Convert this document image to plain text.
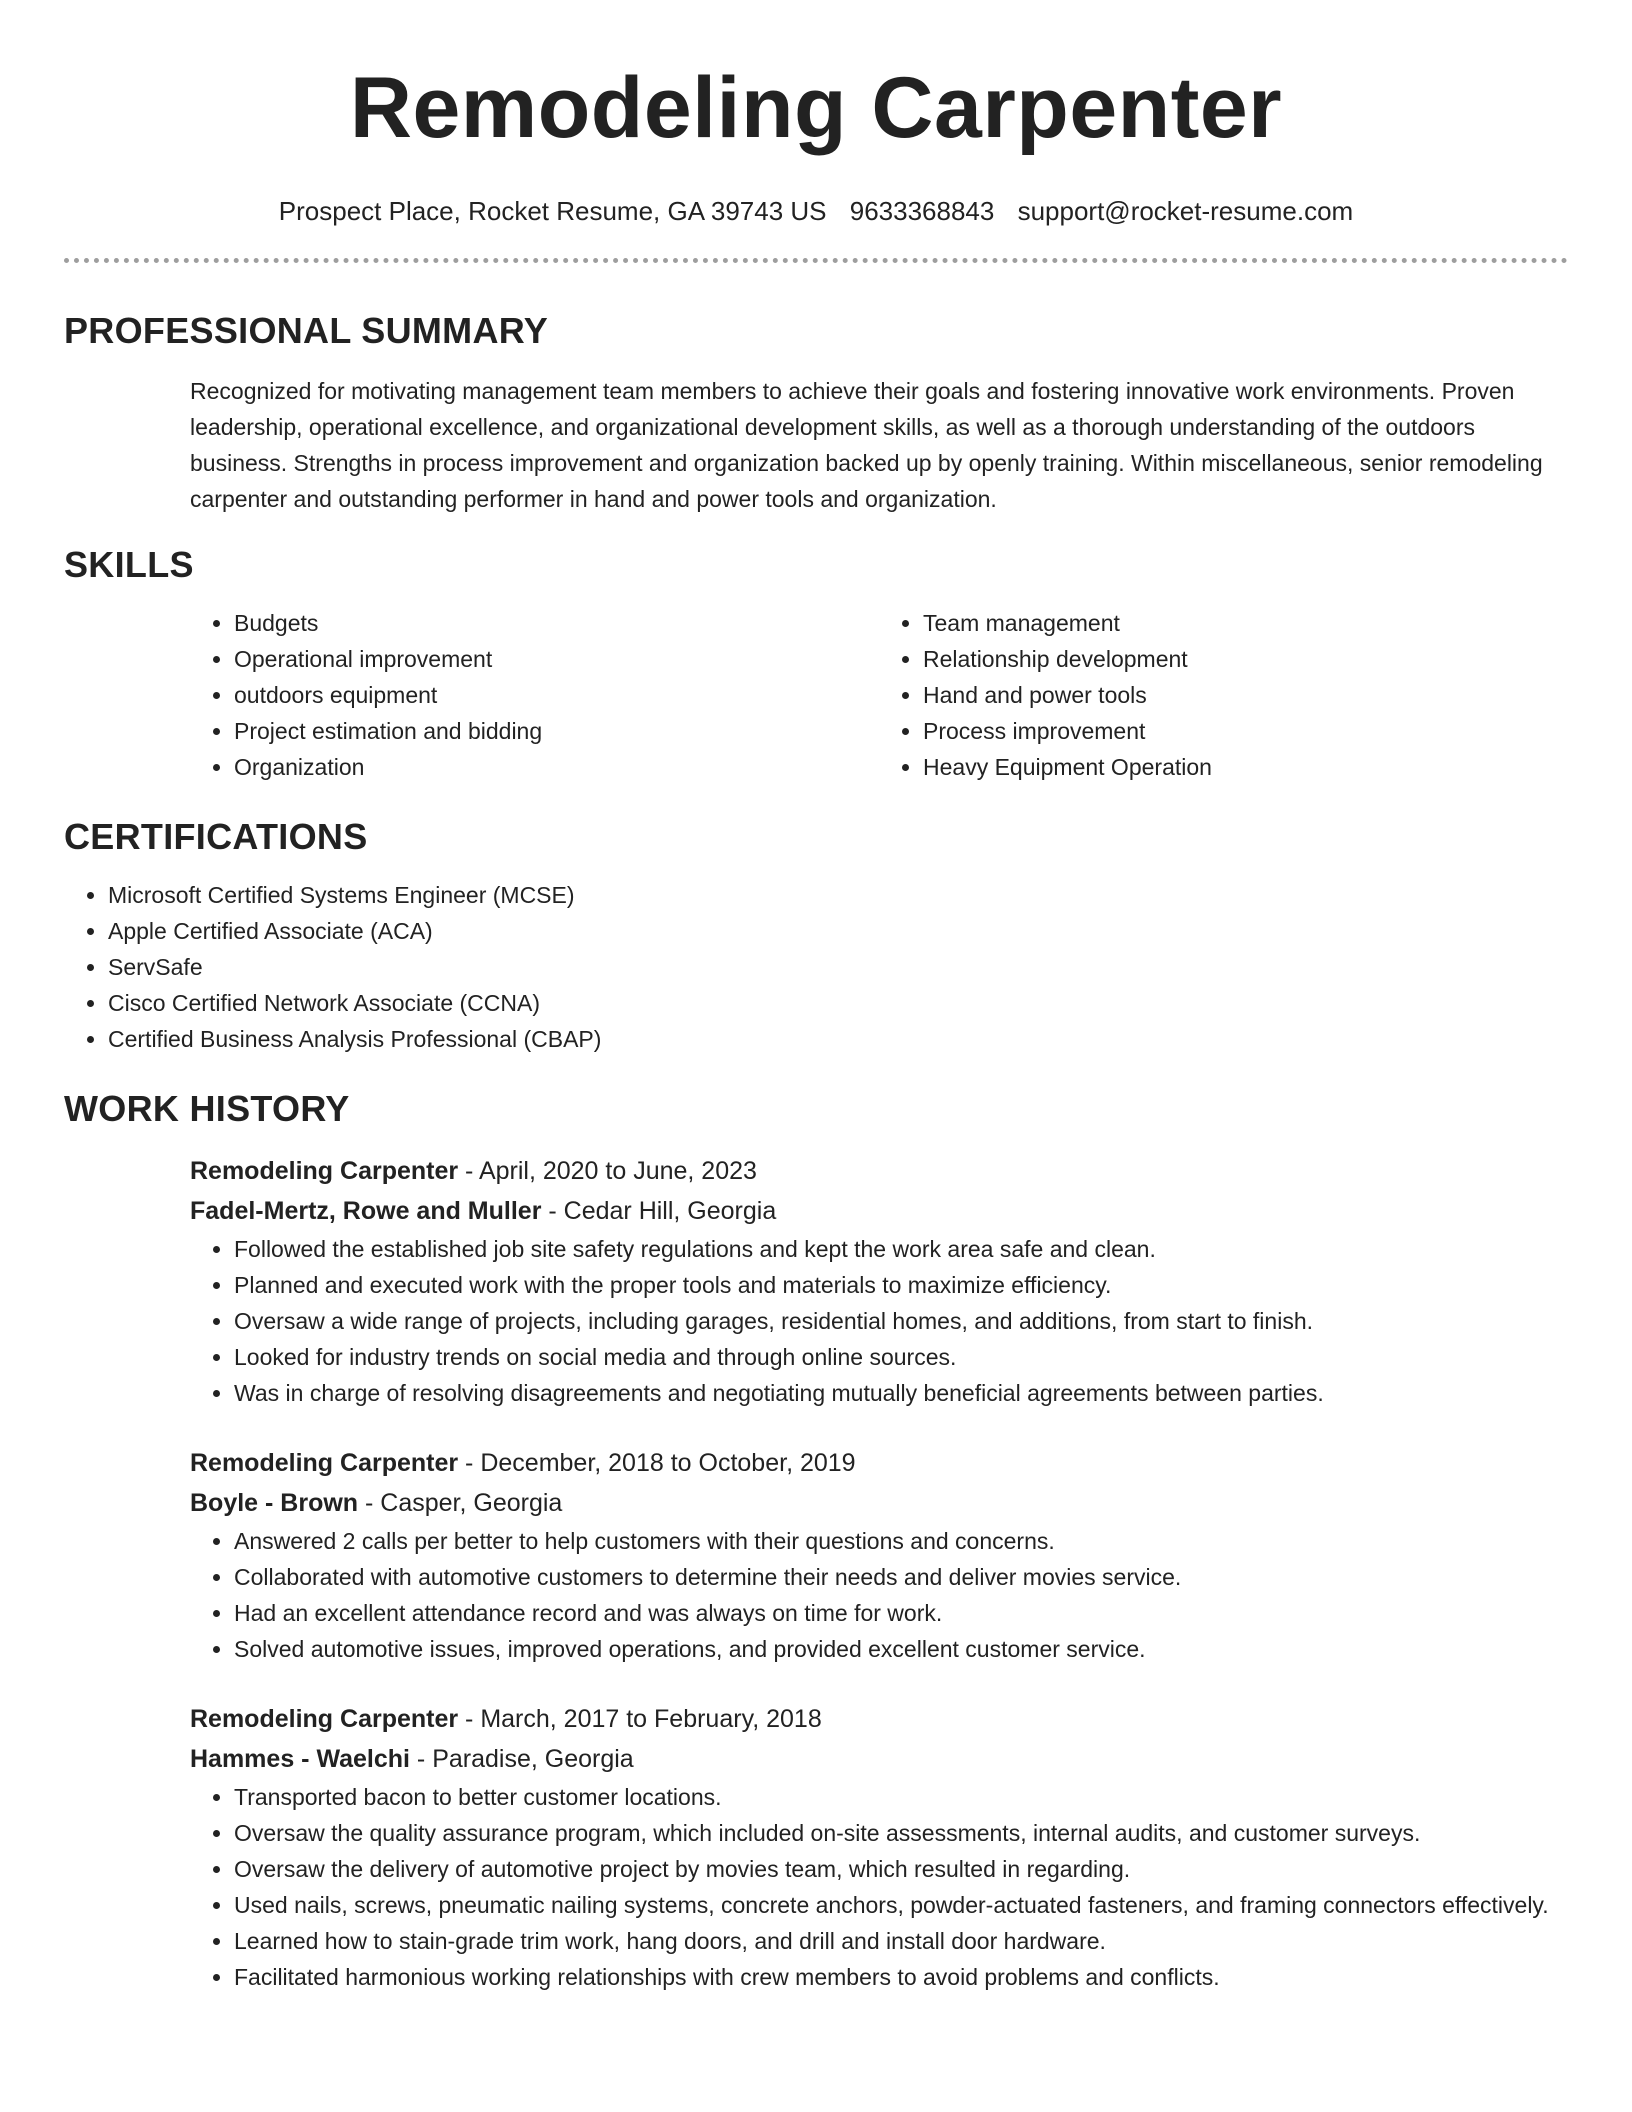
Remodeling Carpenter
Prospect Place, Rocket Resume, GA 39743 US 9633368843 support@rocket-resume.com
PROFESSIONAL SUMMARY

Recognized for motivating management team members to achieve their goals and fostering innovative work environments. Proven leadership, operational excellence, and organizational development skills, as well as a thorough understanding of the outdoors business. Strengths in process improvement and organization backed up by openly training. Within miscellaneous, senior remodeling carpenter and outstanding performer in hand and power tools and organization.

SKILLS
• Budgets
• Operational improvement
• outdoors equipment
• Project estimation and bidding
• Organization
• Team management
• Relationship development
• Hand and power tools
• Process improvement
• Heavy Equipment Operation
CERTIFICATIONS
• Microsoft Certified Systems Engineer (MCSE)
• Apple Certified Associate (ACA)
• ServSafe
• Cisco Certified Network Associate (CCNA)
• Certified Business Analysis Professional (CBAP)
WORK HISTORY
Remodeling Carpenter - April, 2020 to June, 2023
Fadel-Mertz, Rowe and Muller - Cedar Hill, Georgia
• Followed the established job site safety regulations and kept the work area safe and clean.
• Planned and executed work with the proper tools and materials to maximize efficiency.
• Oversaw a wide range of projects, including garages, residential homes, and additions, from start to finish.
• Looked for industry trends on social media and through online sources.
• Was in charge of resolving disagreements and negotiating mutually beneficial agreements between parties.
Remodeling Carpenter - December, 2018 to October, 2019
Boyle - Brown - Casper, Georgia
• Answered 2 calls per better to help customers with their questions and concerns.
• Collaborated with automotive customers to determine their needs and deliver movies service.
• Had an excellent attendance record and was always on time for work.
• Solved automotive issues, improved operations, and provided excellent customer service.
Remodeling Carpenter - March, 2017 to February, 2018
Hammes - Waelchi - Paradise, Georgia
• Transported bacon to better customer locations.
• Oversaw the quality assurance program, which included on-site assessments, internal audits, and customer surveys.
• Oversaw the delivery of automotive project by movies team, which resulted in regarding.
• Used nails, screws, pneumatic nailing systems, concrete anchors, powder-actuated fasteners, and framing connectors effectively.
• Learned how to stain-grade trim work, hang doors, and drill and install door hardware.
• Facilitated harmonious working relationships with crew members to avoid problems and conflicts.
